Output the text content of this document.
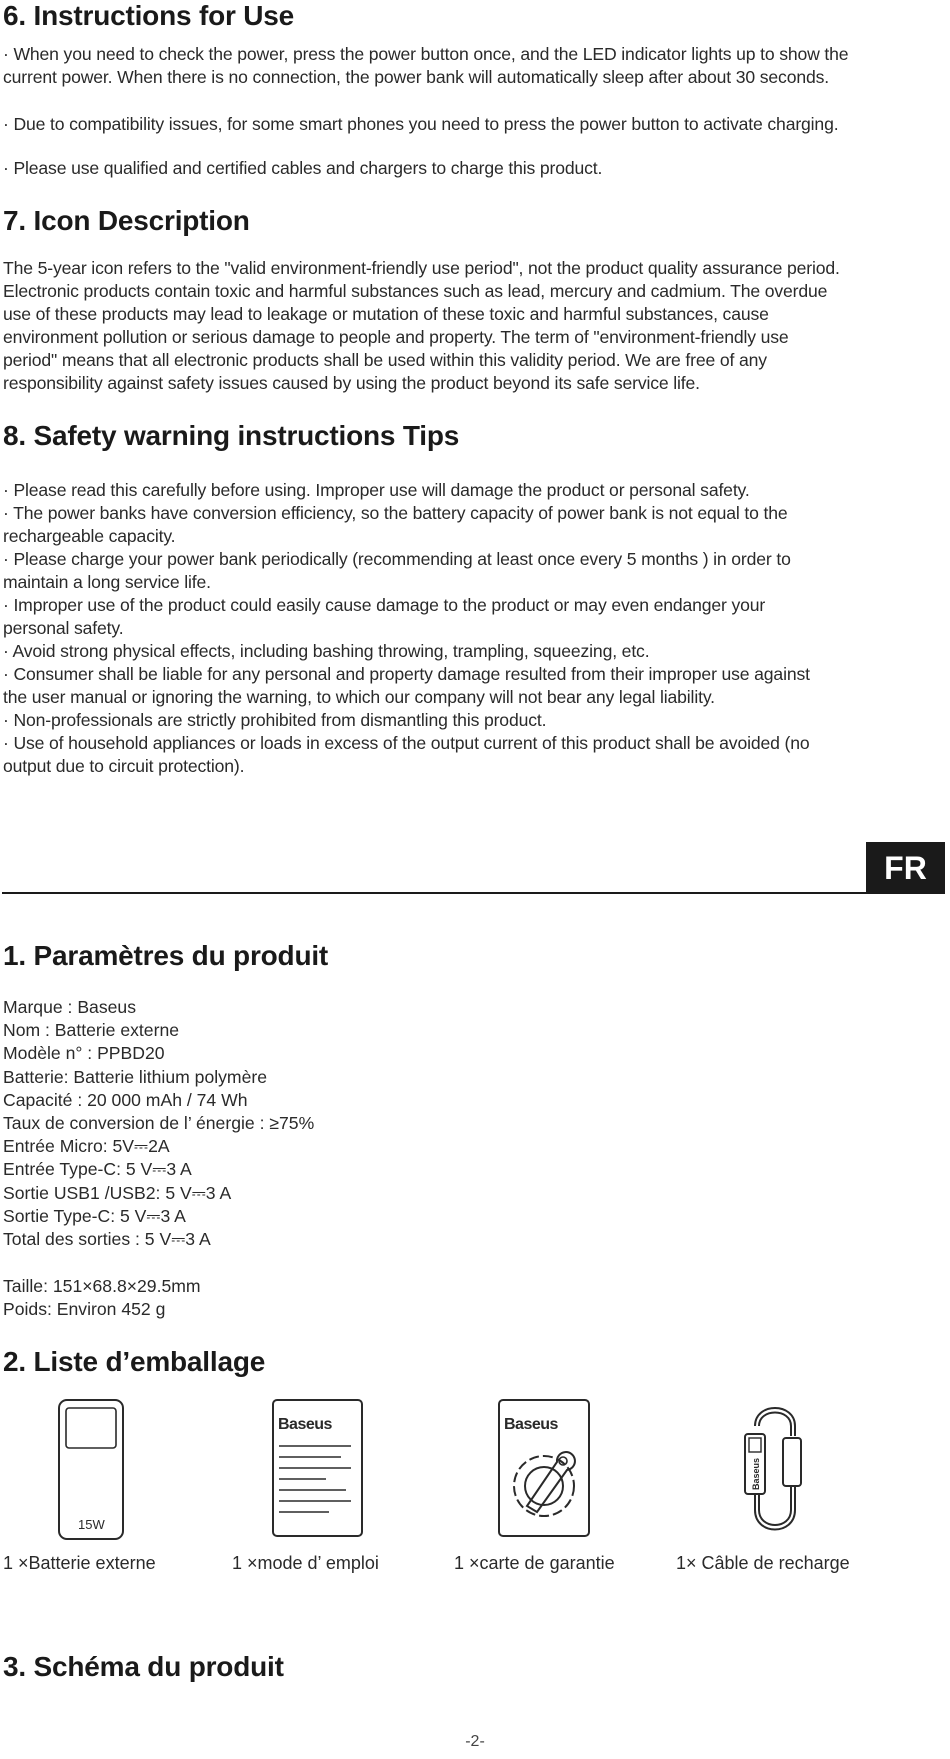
6. Instructions for Use
· When you need to check the power, press the power button once, and the LED indicator lights up to show the
current power. When there is no connection, the power bank will automatically sleep after about 30 seconds.
· Due to compatibility issues, for some smart phones you need to press the power button to activate charging.
· Please use qualified and certified cables and chargers to charge this product.
7. Icon Description
The 5-year icon refers to the "valid environment-friendly use period", not the product quality assurance period.
Electronic products contain toxic and harmful substances such as lead, mercury and cadmium. The overdue
use of these products may lead to leakage or mutation of these toxic and harmful substances, cause
environment pollution or serious damage to people and property. The term of "environment-friendly use
period" means that all electronic products shall be used within this validity period. We are free of any
responsibility against safety issues caused by using the product beyond its safe service life.
8. Safety warning instructions Tips
· Please read this carefully before using. Improper use will damage the product or personal safety.
· The power banks have conversion efficiency, so the battery capacity of power bank is not equal to the
rechargeable capacity.
· Please charge your power bank periodically (recommending at least once every 5 months ) in order to
maintain a long service life.
· Improper use of the product could easily cause damage to the product or may even endanger your
personal safety.
· Avoid strong physical effects, including bashing throwing, trampling, squeezing, etc.
· Consumer shall be liable for any personal and property damage resulted from their improper use against
the user manual or ignoring the warning, to which our company will not bear any legal liability.
· Non-professionals are strictly prohibited from dismantling this product.
· Use of household appliances or loads in excess of the output current of this product shall be avoided (no
output due to circuit protection).
FR
1. Paramètres du produit
Marque : Baseus
Nom : Batterie externe
Modèle n° : PPBD20
Batterie: Batterie lithium polymère
Capacité : 20 000 mAh / 74 Wh
Taux de conversion de l’ énergie : ≥75%
Entrée Micro: 5V⎓2A
Entrée Type-C: 5 V⎓3 A
Sortie USB1 /USB2: 5 V⎓3 A
Sortie Type-C: 5 V⎓3 A
Total des sorties : 5 V⎓3 A
Taille: 151×68.8×29.5mm
Poids: Environ 452 g
2. Liste d’emballage
15W
Baseus	Baseus
Baseus
1 ×Batterie externe	1 ×mode d’ emploi	1 ×carte de garantie	1× Câble de recharge
3. Schéma du produit
-2-
